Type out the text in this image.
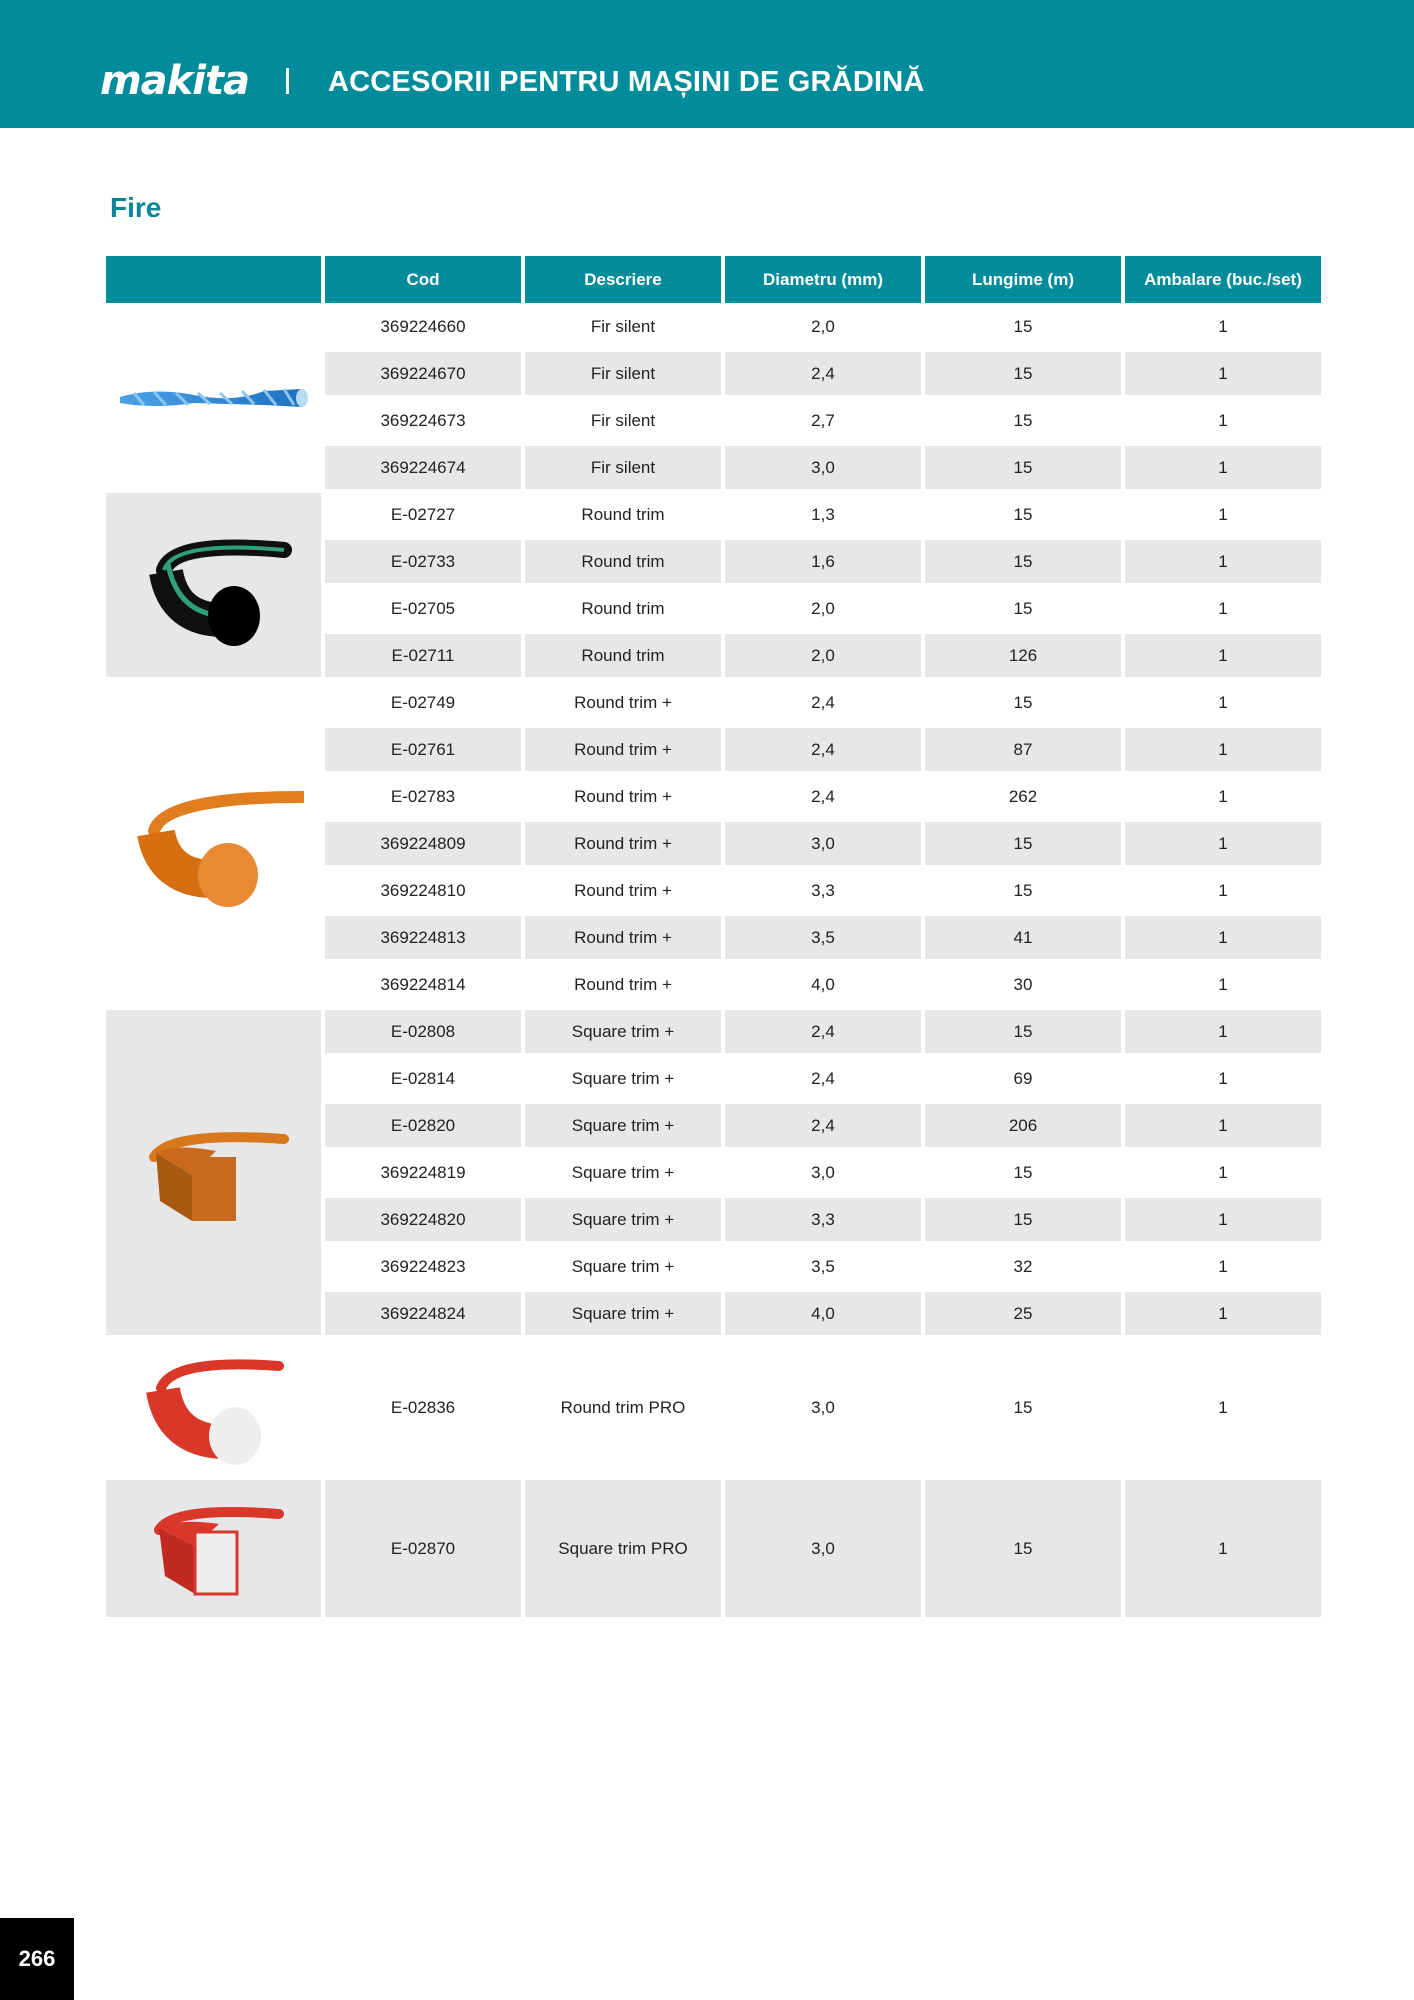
makita	ACCESORII PENTRU MAȘINI DE GRĂDINĂ
Fire
	Cod	Descriere	Diametru (mm)	Lungime (m)	Ambalare (buc./set)

	369224660	Fir silent	2,0	15	1
	369224670	Fir silent	2,4	15	1
	369224673	Fir silent	2,7	15	1
	369224674	Fir silent	3,0	15	1

	E-02727	Round trim	1,3	15	1
	E-02733	Round trim	1,6	15	1
	E-02705	Round trim	2,0	15	1
	E-02711	Round trim	2,0	126	1

	E-02749	Round trim +	2,4	15	1
	E-02761	Round trim +	2,4	87	1
	E-02783	Round trim +	2,4	262	1
	369224809	Round trim +	3,0	15	1
	369224810	Round trim +	3,3	15	1
	369224813	Round trim +	3,5	41	1
	369224814	Round trim +	4,0	30	1

	E-02808	Square trim +	2,4	15	1
	E-02814	Square trim +	2,4	69	1
	E-02820	Square trim +	2,4	206	1
	369224819	Square trim +	3,0	15	1
	369224820	Square trim +	3,3	15	1
	369224823	Square trim +	3,5	32	1
	369224824	Square trim +	4,0	25	1

	E-02836	Round trim PRO	3,0	15	1

	E-02870	Square trim PRO	3,0	15	1
266
